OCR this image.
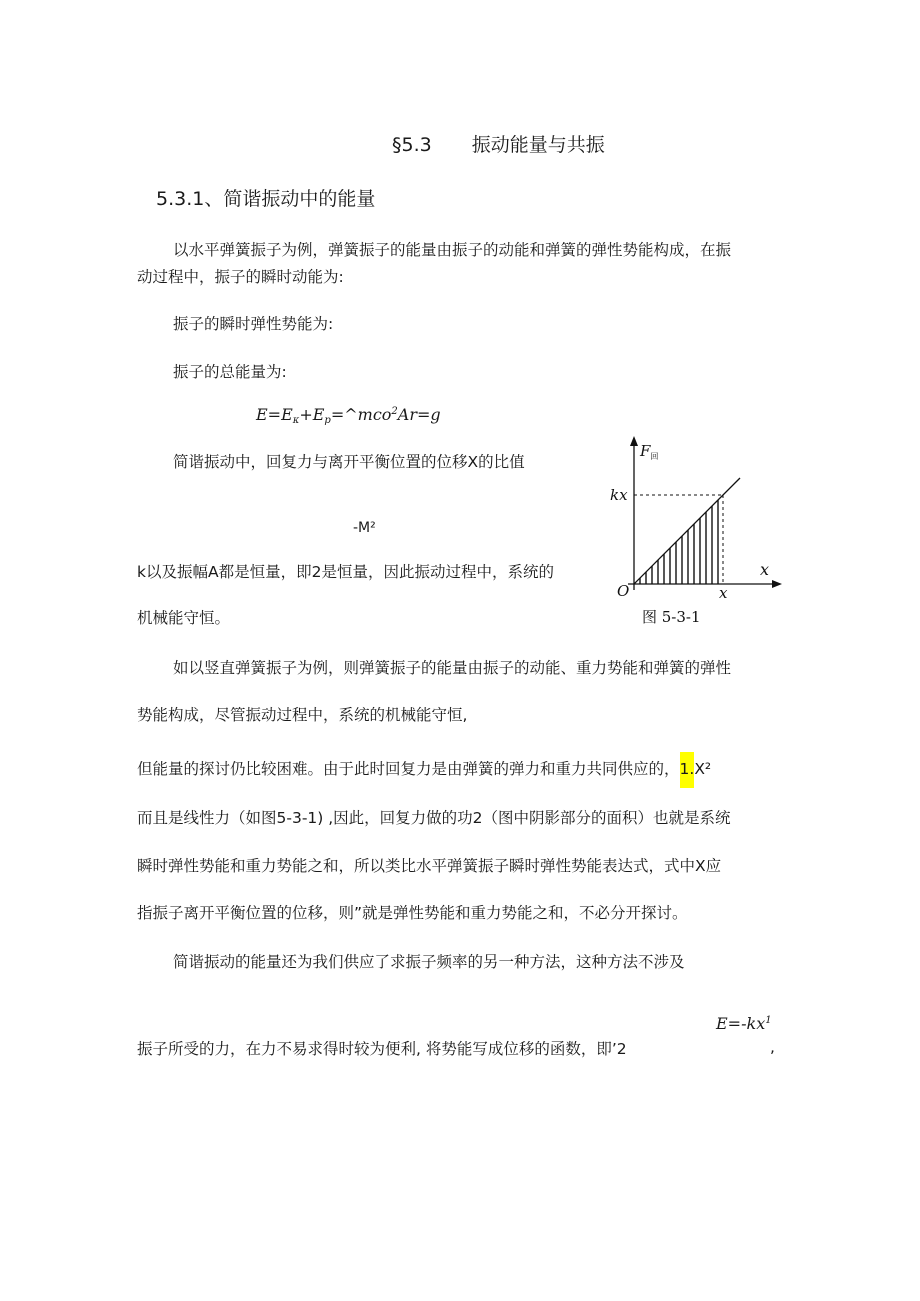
§5.3 振动能量与共振
5.3.1、简谐振动中的能量
以水平弹簧振子为例，弹簧振子的能量由振子的动能和弹簧的弹性势能构成，在振
动过程中，振子的瞬时动能为:
振子的瞬时弹性势能为:
振子的总能量为:
$E=E_\kappa+E_p=\^{}mco^2Ar=g$
简谐振动中，回复力与离开平衡位置的位移X的比值
-M²
k以及振幅A都是恒量，即2是恒量，因此振动过程中，系统的
机械能守恒。
如以竖直弹簧振子为例，则弹簧振子的能量由振子的动能、重力势能和弹簧的弹性
势能构成，尽管振动过程中，系统的机械能守恒,
但能量的探讨仍比较困难。由于此时回复力是由弹簧的弹力和重力共同供应的，1.X²
而且是线性力（如图5-3-1) ,因此，回复力做的功2（图中阴影部分的面积）也就是系统
瞬时弹性势能和重力势能之和，所以类比水平弹簧振子瞬时弹性势能表达式，式中X应
指振子离开平衡位置的位移，则”就是弹性势能和重力势能之和，不必分开探讨。
简谐振动的能量还为我们供应了求振子频率的另一种方法，这种方法不涉及
$E=-kx^1$
振子所受的力，在力不易求得时较为便利, 将势能写成位移的函数，即’2	,
$F_回$
kx
x
O	x
图 5-3-1
